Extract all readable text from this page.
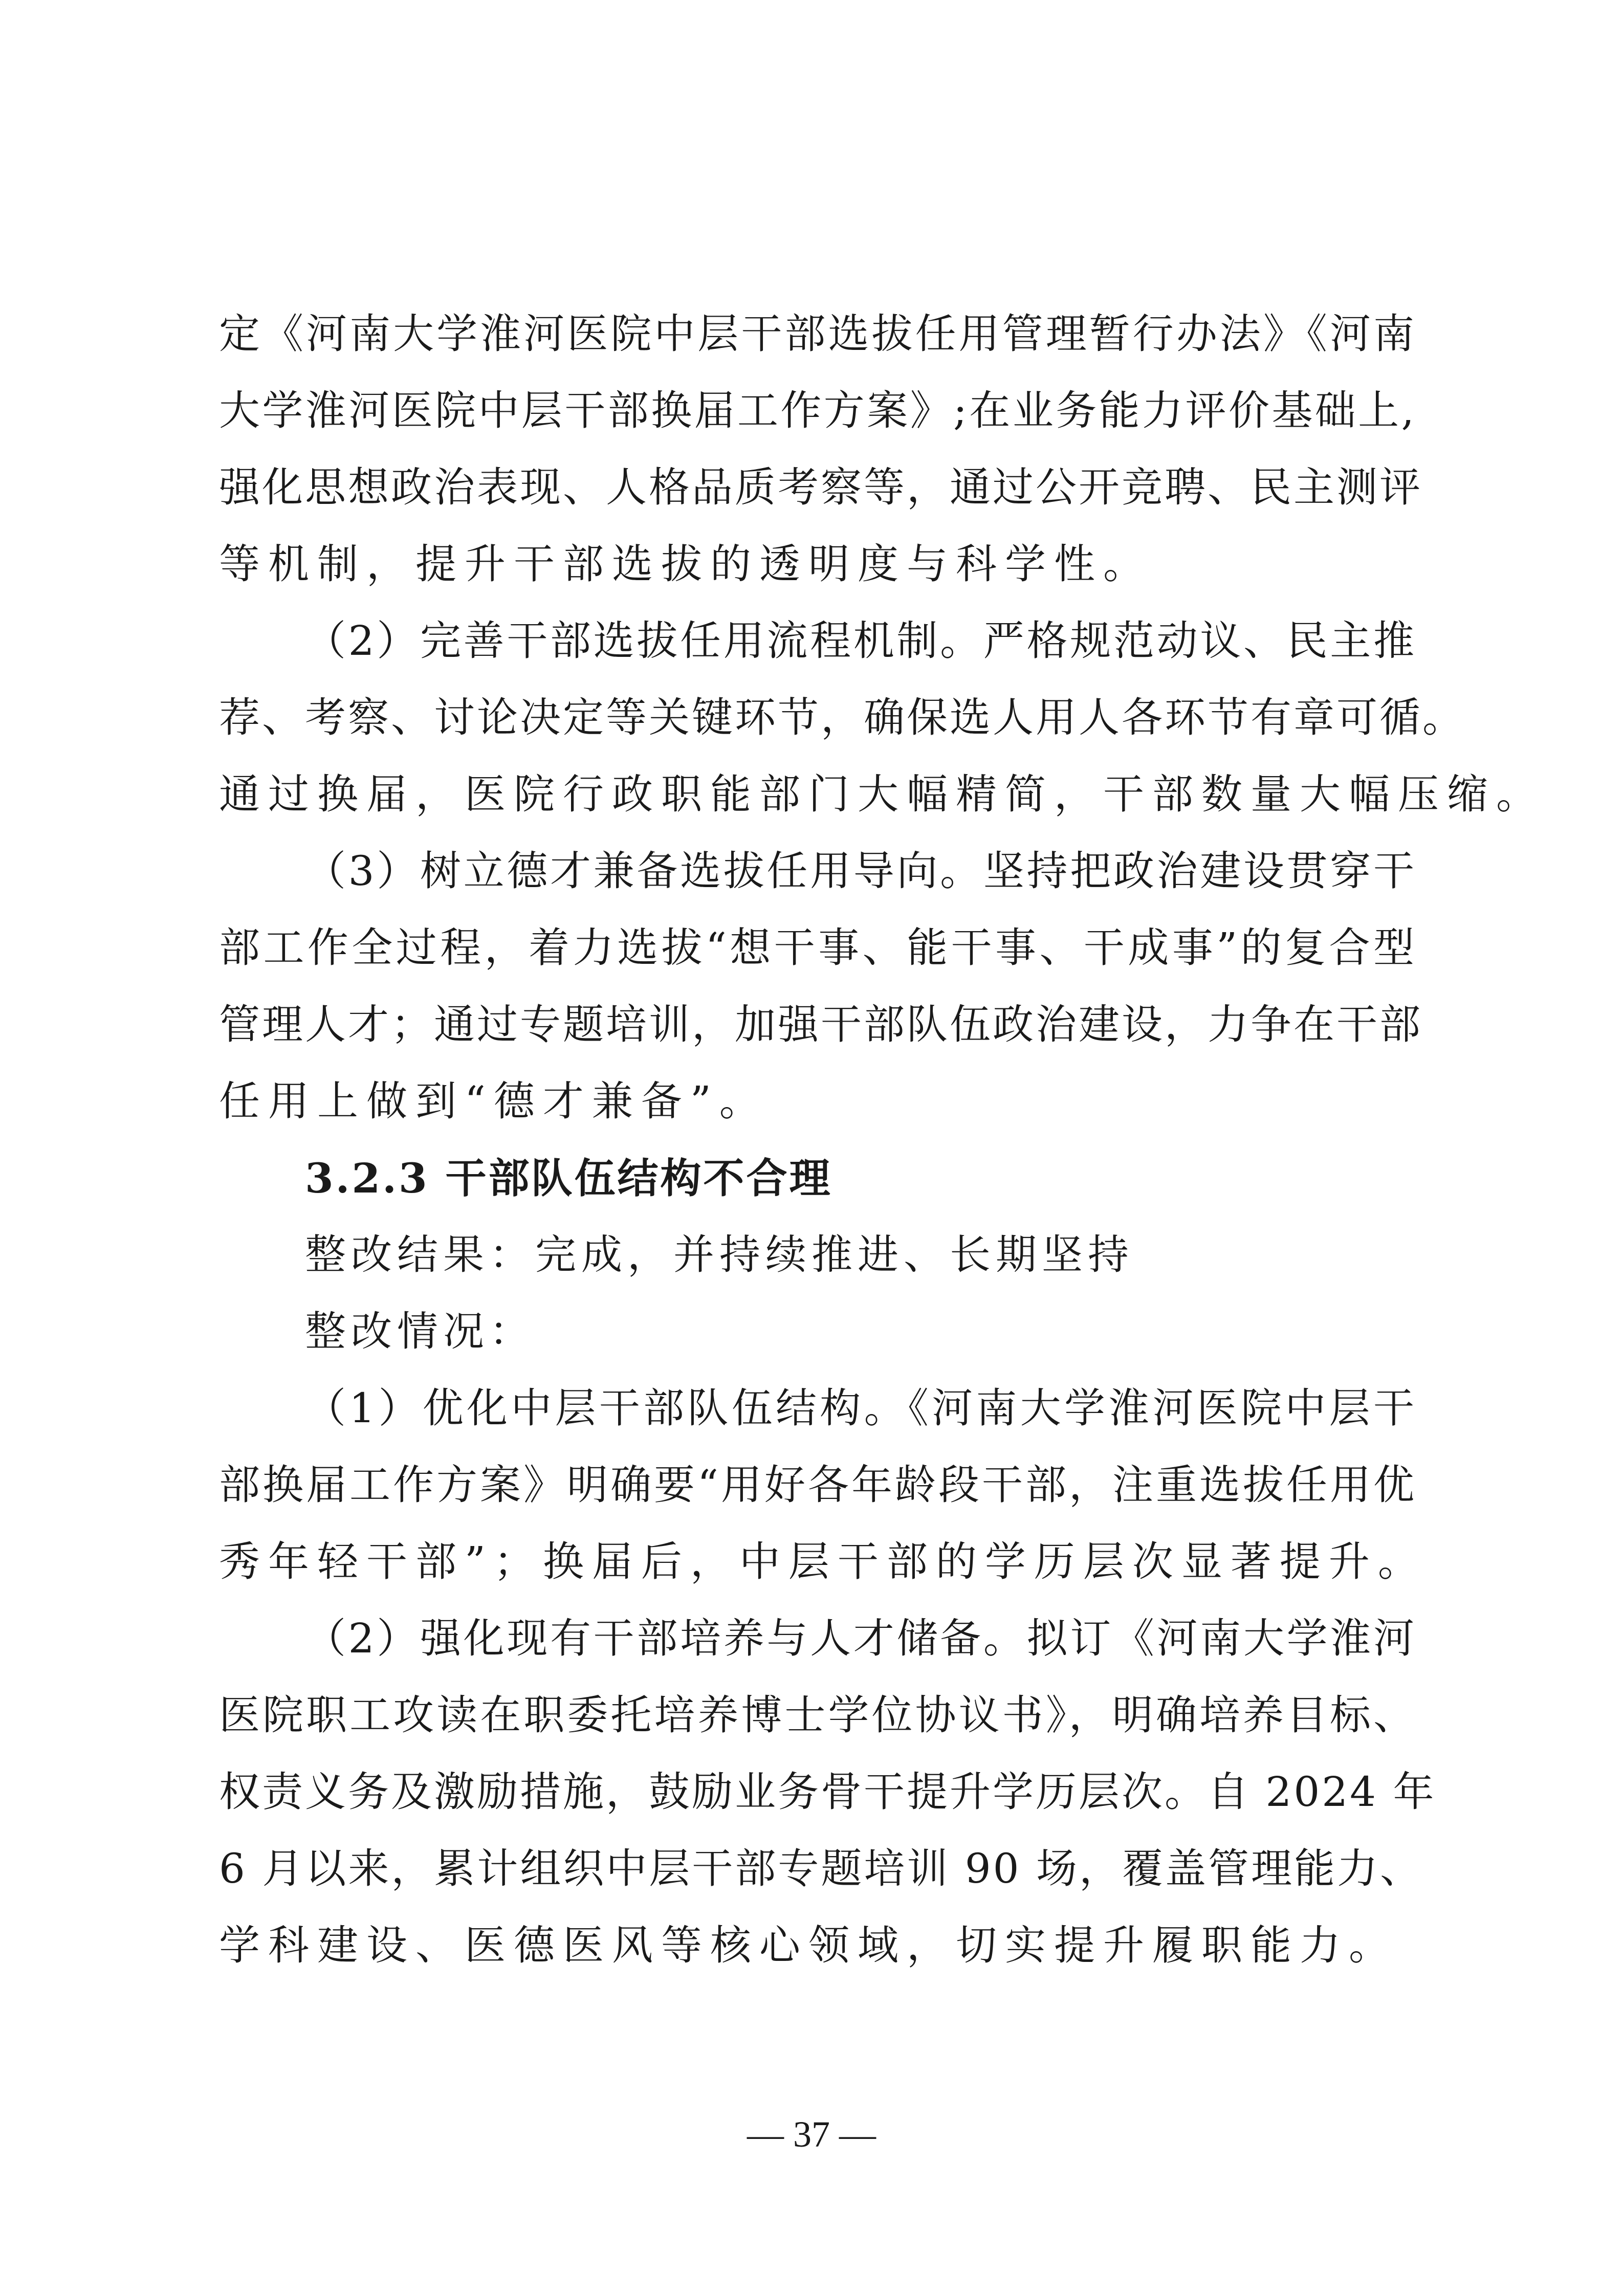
定《河南大学淮河医院中层干部选拔任用管理暂行办法》《河南
大学淮河医院中层干部换届工作方案》;在业务能力评价基础上,
强化思想政治表现、人格品质考察等，通过公开竞聘、民主测评
等机制，提升干部选拔的透明度与科学性。
（2）完善干部选拔任用流程机制。严格规范动议、民主推
荐、考察、讨论决定等关键环节，确保选人用人各环节有章可循。
通过换届，医院行政职能部门大幅精简，干部数量大幅压缩。
（3）树立德才兼备选拔任用导向。坚持把政治建设贯穿干
部工作全过程，着力选拔“想干事、能干事、干成事”的复合型
管理人才；通过专题培训，加强干部队伍政治建设，力争在干部
任用上做到“德才兼备”。
3.2.3 干部队伍结构不合理
整改结果：完成，并持续推进、长期坚持
整改情况：
（1）优化中层干部队伍结构。《河南大学淮河医院中层干
部换届工作方案》明确要“用好各年龄段干部，注重选拔任用优
秀年轻干部”；换届后，中层干部的学历层次显著提升。
（2）强化现有干部培养与人才储备。拟订《河南大学淮河
医院职工攻读在职委托培养博士学位协议书》，明确培养目标、
权责义务及激励措施，鼓励业务骨干提升学历层次。自 2024 年
6 月以来，累计组织中层干部专题培训 90 场，覆盖管理能力、
学科建设、医德医风等核心领域，切实提升履职能力。
— 37 —
